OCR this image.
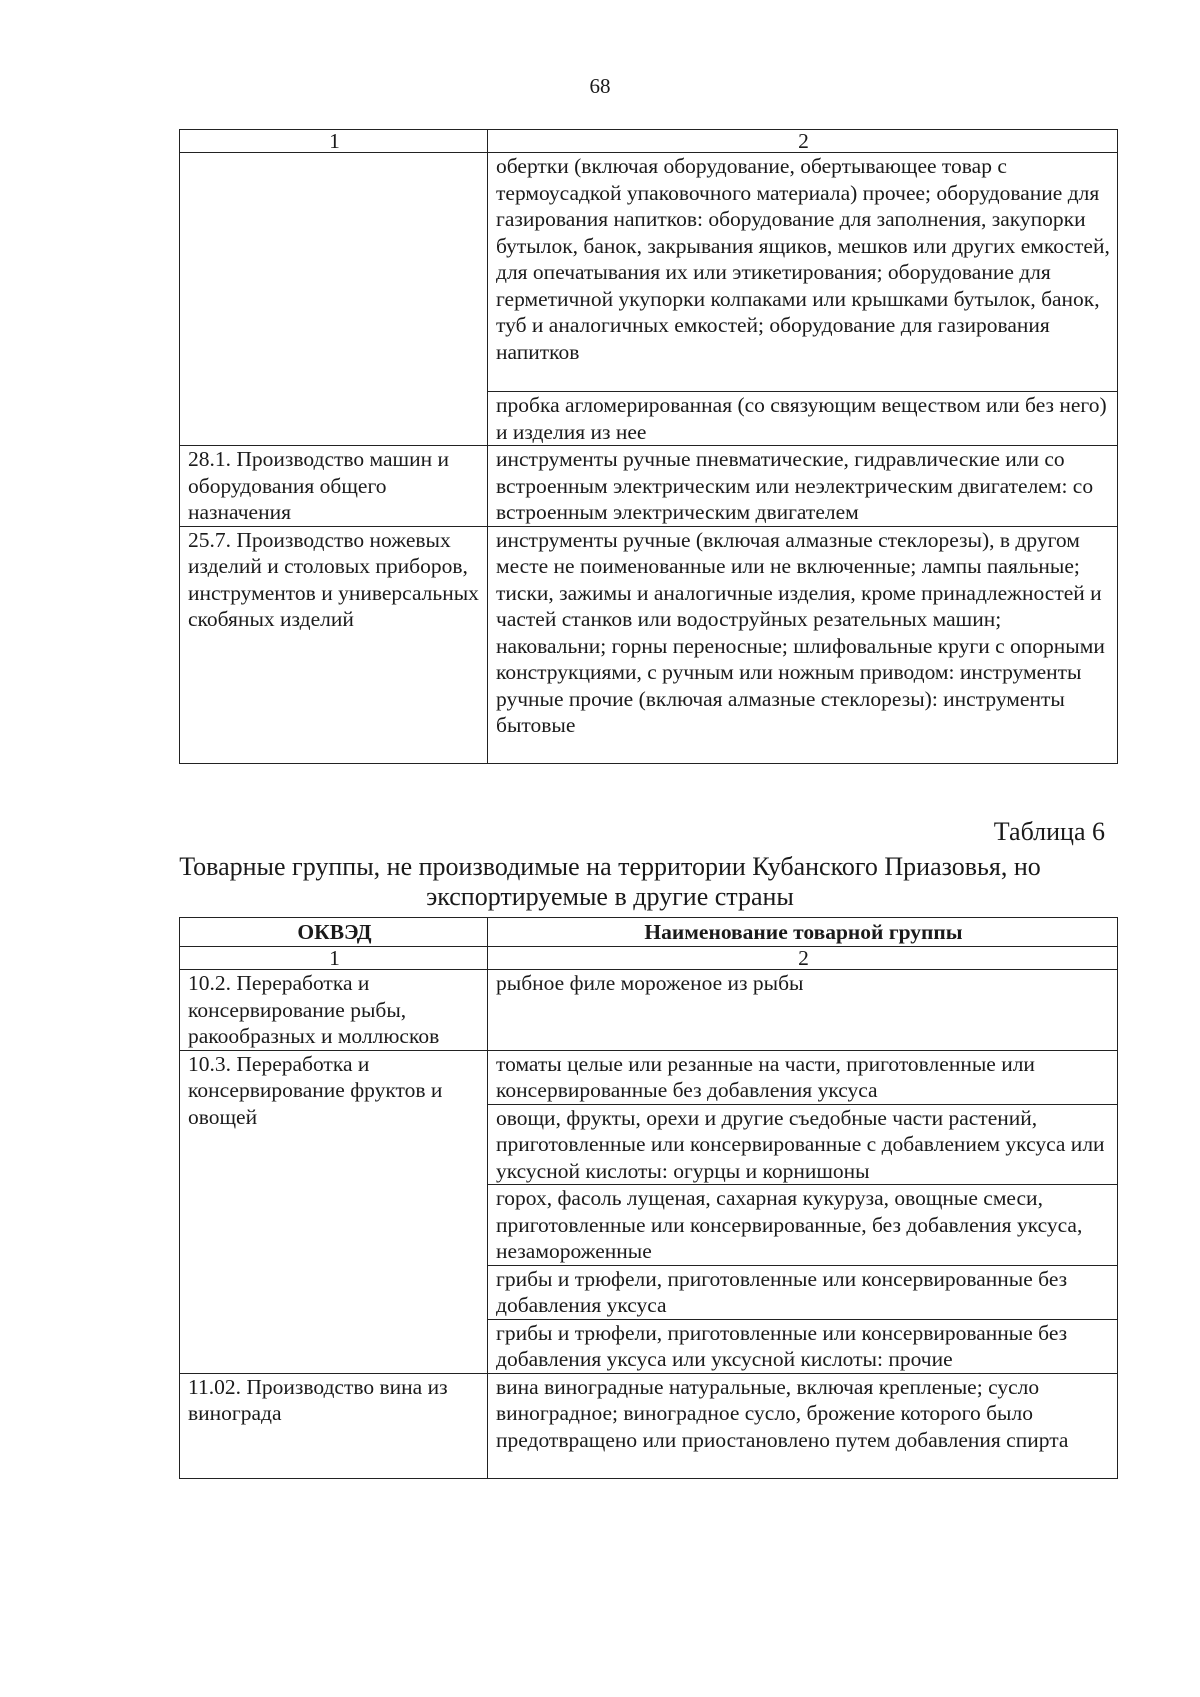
68
1	2
	обертки (включая оборудование, обертывающее товар с термоусадкой упаковочного материала) прочее; оборудование для газирования напитков: оборудование для заполнения, закупорки бутылок, банок, закрывания ящиков, мешков или других емкостей, для опечатывания их или этикетирования; оборудование для герметичной укупорки колпаками или крышками бутылок, банок, туб и аналогичных емкостей; оборудование для газирования напитков
	пробка агломерированная (со связующим веществом или без него) и изделия из нее
28.1. Производство машин и оборудования общего назначения	инструменты ручные пневматические, гидравлические или со встроенным электрическим или неэлектрическим двигателем: со встроенным электрическим двигателем
25.7. Производство ножевых изделий и столовых приборов, инструментов и универсальных скобяных изделий	инструменты ручные (включая алмазные стеклорезы), в другом месте не поименованные или не включенные; лампы паяльные; тиски, зажимы и аналогичные изделия, кроме принадлежностей и частей станков или водоструйных резательных машин; наковальни; горны переносные; шлифовальные круги с опорными конструкциями, с ручным или ножным приводом: инструменты ручные прочие (включая алмазные стеклорезы): инструменты бытовые
Таблица 6
Товарные группы, не производимые на территории Кубанского Приазовья, но экспортируемые в другие страны
ОКВЭД	Наименование товарной группы
1	2
10.2. Переработка и консервирование рыбы, ракообразных и моллюсков	рыбное филе мороженое из рыбы
10.3. Переработка и консервирование фруктов и овощей	томаты целые или резанные на части, приготовленные или консервированные без добавления уксуса
	овощи, фрукты, орехи и другие съедобные части растений, приготовленные или консервированные с добавлением уксуса или уксусной кислоты: огурцы и корнишоны
	горох, фасоль лущеная, сахарная кукуруза, овощные смеси, приготовленные или консервированные, без добавления уксуса, незамороженные
	грибы и трюфели, приготовленные или консервированные без добавления уксуса
	грибы и трюфели, приготовленные или консервированные без добавления уксуса или уксусной кислоты: прочие
11.02. Производство вина из винограда	вина виноградные натуральные, включая крепленые; сусло виноградное; виноградное сусло, брожение которого было предотвращено или приостановлено путем добавления спирта
